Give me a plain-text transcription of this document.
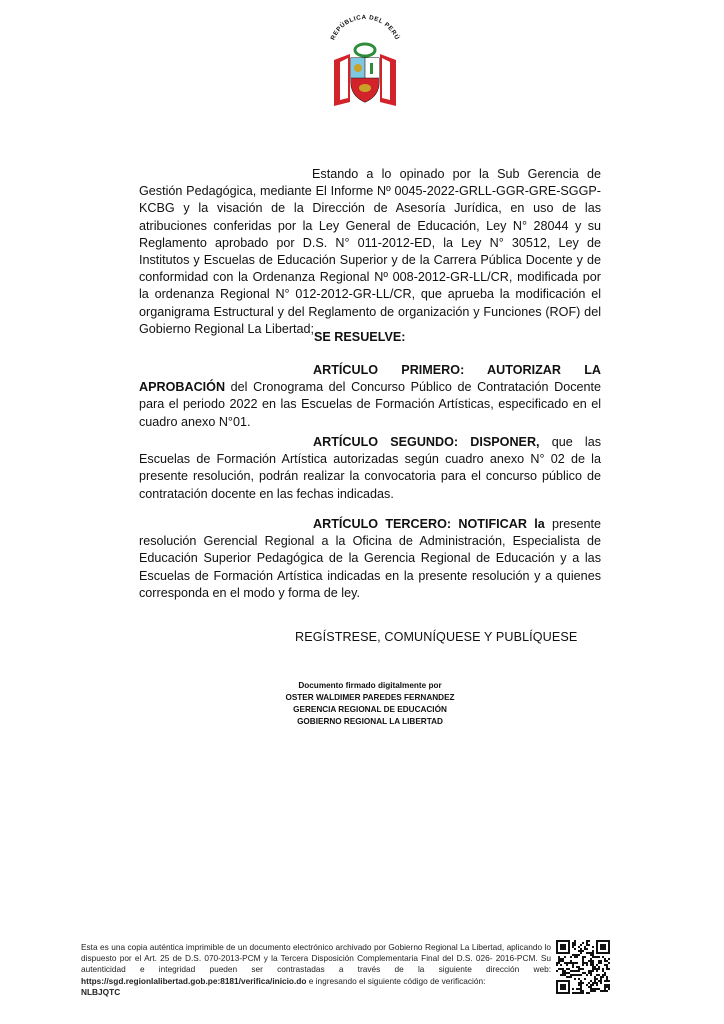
REPÚBLICA DEL PERÚ
Estando a lo opinado por la Sub Gerencia de Gestión Pedagógica, mediante El Informe Nº 0045-2022-GRLL-GGR-GRE-SGGP-KCBG y la visación de la Dirección de Asesoría Jurídica, en uso de las atribuciones conferidas por la Ley General de Educación, Ley N° 28044 y su Reglamento aprobado por D.S. N° 011-2012-ED, la Ley N° 30512, Ley de Institutos y Escuelas de Educación Superior y de la Carrera Pública Docente y de conformidad con la Ordenanza Regional Nº 008-2012-GR-LL/CR, modificada por la ordenanza Regional N° 012-2012-GR-LL/CR, que aprueba la modificación el organigrama Estructural y del Reglamento de organización y Funciones (ROF) del Gobierno Regional La Libertad;
SE RESUELVE:
ARTÍCULO PRIMERO: AUTORIZAR LA APROBACIÓN del Cronograma del Concurso Público de Contratación Docente para el periodo 2022 en las Escuelas de Formación Artísticas, especificado en el cuadro anexo N°01.
ARTÍCULO SEGUNDO: DISPONER, que las Escuelas de Formación Artística autorizadas según cuadro anexo N° 02 de la presente resolución, podrán realizar la convocatoria para el concurso público de contratación docente en las fechas indicadas.
ARTÍCULO TERCERO: NOTIFICAR la presente resolución Gerencial Regional a la Oficina de Administración, Especialista de Educación Superior Pedagógica de la Gerencia Regional de Educación y a las Escuelas de Formación Artística indicadas en la presente resolución y a quienes corresponda en el modo y forma de ley.
REGÍSTRESE, COMUNÍQUESE Y PUBLÍQUESE
Documento firmado digitalmente por
OSTER WALDIMER PAREDES FERNANDEZ
GERENCIA REGIONAL DE EDUCACIÓN
GOBIERNO REGIONAL LA LIBERTAD
Esta es una copia auténtica imprimible de un documento electrónico archivado por Gobierno Regional La Libertad, aplicando lo dispuesto por el Art. 25 de D.S. 070-2013-PCM y la Tercera Disposición Complementaria Final del D.S. 026- 2016-PCM. Su autenticidad e integridad pueden ser contrastadas a través de la siguiente dirección web: https://sgd.regionlalibertad.gob.pe:8181/verifica/inicio.do e ingresando el siguiente código de verificación:
NLBJQTC
